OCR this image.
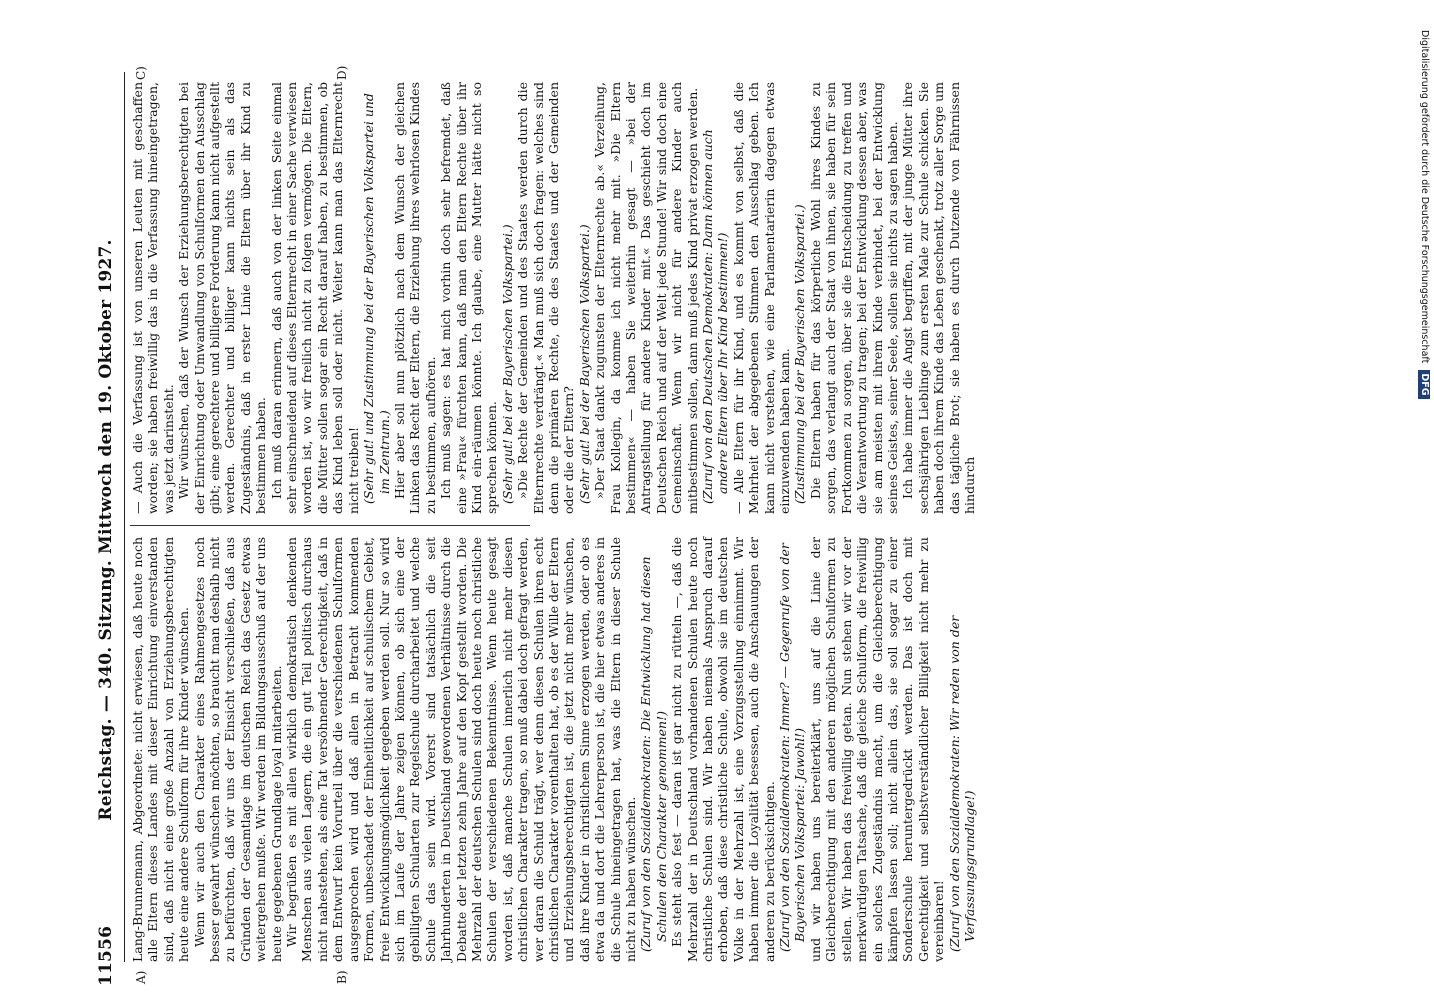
11556
Reichstag. — 340. Sitzung. Mittwoch den 19. Oktober 1927.
A)	B)
C)	D)

Lang-Brunnemann, Abgeordnete: nicht erwiesen, daß heute noch alle Eltern dieses Landes mit dieser Einrichtung einverstanden sind, daß nicht eine große Anzahl von Erziehungsberechtigten heute eine andere Schulform für ihre Kinder wünschen. Wenn wir auch den Charakter eines Rahmengesetzes noch besser gewahrt wünschen möchten, so braucht man deshalb nicht zu befürchten, daß wir uns der Einsicht verschließen, daß aus Gründen der Gesamtlage im deutschen Reich das Gesetz etwas weitergehen mußte. Wir werden im Bildungsausschuß auf der uns heute gegebenen Grundlage loyal mitarbeiten. Wir begrüßen es mit allen wirklich demokratisch denkenden Menschen aus vielen Lagern, die ein gut Teil politisch durchaus nicht nahestehen, als eine Tat versöhnender Gerechtigkeit, daß in dem Entwurf kein Vorurteil über die verschiedenen Schulformen ausgesprochen wird und daß allen in Betracht kommenden Formen, unbeschadet der Einheitlichkeit auf schulischem Gebiet, freie Entwicklungsmöglichkeit gegeben werden soll. Nur so wird sich im Laufe der Jahre zeigen können, ob sich eine der gebilligten Schularten zur Regelschule durcharbeitet und welche Schule das sein wird. Vorerst sind tatsächlich die seit Jahrhunderten in Deutschland gewordenen Verhältnisse durch die Debatte der letzten zehn Jahre auf den Kopf gestellt worden. Die Mehrzahl der deutschen Schulen sind doch heute noch christliche Schulen der verschiedenen Bekenntnisse. Wenn heute gesagt worden ist, daß manche Schulen innerlich nicht mehr diesen christlichen Charakter tragen, so muß dabei doch gefragt werden, wer daran die Schuld trägt, wer denn diesen Schulen ihren echt christlichen Charakter vorenthalten hat, ob es der Wille der Eltern und Erziehungsberechtigten ist, die jetzt nicht mehr wünschen, daß ihre Kinder in christlichem Sinne erzogen werden, oder ob es etwa da und dort die Lehrerperson ist, die hier etwas anderes in die Schule hineingetragen hat, was die Eltern in dieser Schule nicht zu haben wünschen. (Zuruf von den Sozialdemokraten: Die Entwicklung hat diesen Schulen den Charakter genommen!) Es steht also fest — daran ist gar nicht zu rütteln —, daß die Mehrzahl der in Deutschland vorhandenen Schulen heute noch christliche Schulen sind. Wir haben niemals Anspruch darauf erhoben, daß diese christliche Schule, obwohl sie im deutschen Volke in der Mehrzahl ist, eine Vorzugsstellung einnimmt. Wir haben immer die Loyalität besessen, auch die Anschauungen der anderen zu berücksichtigen. (Zuruf von den Sozialdemokraten: Immer? — Gegenrufe von der Bayerischen Volkspartei: Jawohl!) und wir haben uns bereiterklärt, uns auf die Linie der Gleichberechtigung mit den anderen möglichen Schulformen zu stellen. Wir haben das freiwillig getan. Nun stehen wir vor der merkwürdigen Tatsache, daß die gleiche Schulform, die freiwillig ein solches Zugeständnis macht, um die Gleichberechtigung kämpfen lassen soll; nicht allein das, sie soll sogar zu einer Sonderschule heruntergedrückt werden. Das ist doch mit Gerechtigkeit und selbstverständlicher Billigkeit nicht mehr zu vereinbaren! (Zuruf von den Sozialdemokraten: Wir reden von der Verfassungsgrundlage!)

— Auch die Verfassung ist von unseren Leuten mit geschaffen worden; sie haben freiwillig das in die Verfassung hineingetragen, was jetzt darinsteht. Wir wünschen, daß der Wunsch der Erziehungsberechtigten bei der Einrichtung oder Umwandlung von Schulformen den Ausschlag gibt; eine gerechtere und billigere Forderung kann nicht aufgestellt werden. Gerechter und billiger kann nichts sein als das Zugeständnis, daß in erster Linie die Eltern über ihr Kind zu bestimmen haben. Ich muß daran erinnern, daß auch von der linken Seite einmal sehr einschneidend auf dieses Elternrecht in einer Sache verwiesen worden ist, wo wir freilich nicht zu folgen vermögen. Die Eltern, die Mütter sollen sogar ein Recht darauf haben, zu bestimmen, ob das Kind leben soll oder nicht. Weiter kann man das Elternrecht nicht treiben! (Sehr gut! und Zustimmung bei der Bayerischen Volkspartei und im Zentrum.) Hier aber soll nun plötzlich nach dem Wunsch der gleichen Linken das Recht der Eltern, die Erziehung ihres wehrlosen Kindes zu bestimmen, aufhören. Ich muß sagen: es hat mich vorhin doch sehr befremdet, daß eine »Frau« fürchten kann, daß man den Eltern Rechte über ihr Kind ein-räumen könnte. Ich glaube, eine Mutter hätte nicht so sprechen können. (Sehr gut! bei der Bayerischen Volkspartei.) »Die Rechte der Gemeinden und des Staates werden durch die Elternrechte verdrängt.« Man muß sich doch fragen: welches sind denn die primären Rechte, die des Staates und der Gemeinden oder die der Eltern? (Sehr gut! bei der Bayerischen Volkspartei.) »Der Staat dankt zugunsten der Elternrechte ab.« Verzeihung, Frau Kollegin, da komme ich nicht mehr mit. »Die Eltern bestimmen« — haben Sie weiterhin gesagt — »bei der Antragstellung für andere Kinder mit.« Das geschieht doch im Deutschen Reich und auf der Welt jede Stunde! Wir sind doch eine Gemeinschaft. Wenn wir nicht für andere Kinder auch mitbestimmen sollen, dann muß jedes Kind privat erzogen werden. (Zuruf von den Deutschen Demokraten: Dann können auch andere Eltern über Ihr Kind bestimmen!) — Alle Eltern für ihr Kind, und es kommt von selbst, daß die Mehrheit der abgegebenen Stimmen den Ausschlag geben. Ich kann nicht verstehen, wie eine Parlamentarierin dagegen etwas einzuwenden haben kann. (Zustimmung bei der Bayerischen Volkspartei.) Die Eltern haben für das körperliche Wohl ihres Kindes zu sorgen, das verlangt auch der Staat von ihnen, sie haben für sein Fortkommen zu sorgen, über sie die Entscheidung zu treffen und die Verantwortung zu tragen; bei der Entwicklung dessen aber, was sie am meisten mit ihrem Kinde verbindet, bei der Entwicklung seines Geistes, seiner Seele, sollen sie nichts zu sagen haben. Ich habe immer die Angst begriffen, mit der junge Mütter ihre sechsjährigen Lieblinge zum ersten Male zur Schule schicken. Sie haben doch ihrem Kinde das Leben geschenkt, trotz aller Sorge um das tägliche Brot; sie haben es durch Dutzende von Fährnissen hindurch

Digitalisierung gefördert durch die Deutsche Forschungsgemeinschaft DFG
